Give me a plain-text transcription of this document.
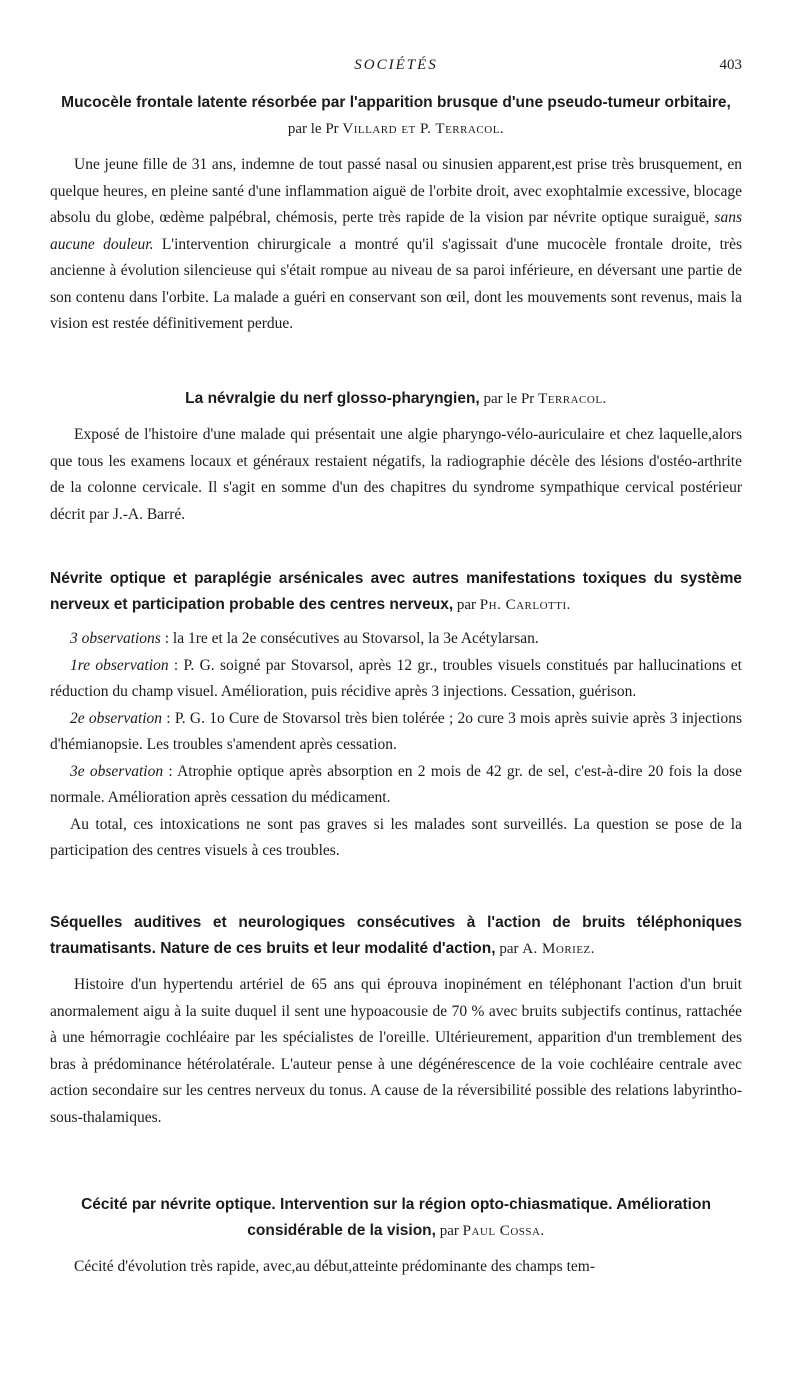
SOCIÉTÉS	403

Mucocèle frontale latente résorbée par l'apparition brusque d'une pseudo-tumeur orbitaire, par le Pr Villard et P. Terracol.

Une jeune fille de 31 ans, indemne de tout passé nasal ou sinusien apparent,est prise très brusquement, en quelque heures, en pleine santé d'une inflammation aiguë de l'orbite droit, avec exophtalmie excessive, blocage absolu du globe, œdème palpébral, chémosis, perte très rapide de la vision par névrite optique suraiguë, sans aucune douleur. L'intervention chirurgicale a montré qu'il s'agissait d'une mucocèle frontale droite, très ancienne à évolution silencieuse qui s'était rompue au niveau de sa paroi inférieure, en déversant une partie de son contenu dans l'orbite. La malade a guéri en conservant son œil, dont les mouvements sont revenus, mais la vision est restée définitivement perdue.

La névralgie du nerf glosso-pharyngien, par le Pr Terracol.

Exposé de l'histoire d'une malade qui présentait une algie pharyngo-vélo-auriculaire et chez laquelle,alors que tous les examens locaux et généraux restaient négatifs, la radiographie décèle des lésions d'ostéo-arthrite de la colonne cervicale. Il s'agit en somme d'un des chapitres du syndrome sympathique cervical postérieur décrit par J.-A. Barré.

Névrite optique et paraplégie arsénicales avec autres manifestations toxiques du système nerveux et participation probable des centres nerveux, par Ph. Carlotti.

3 observations : la 1re et la 2e consécutives au Stovarsol, la 3e Acétylarsan.

1re observation : P. G. soigné par Stovarsol, après 12 gr., troubles visuels constitués par hallucinations et réduction du champ visuel. Amélioration, puis récidive après 3 injections. Cessation, guérison.

2e observation : P. G. 1o Cure de Stovarsol très bien tolérée ; 2o cure 3 mois après suivie après 3 injections d'hémianopsie. Les troubles s'amendent après cessation.

3e observation : Atrophie optique après absorption en 2 mois de 42 gr. de sel, c'est-à-dire 20 fois la dose normale. Amélioration après cessation du médicament.

Au total, ces intoxications ne sont pas graves si les malades sont surveillés. La question se pose de la participation des centres visuels à ces troubles.

Séquelles auditives et neurologiques consécutives à l'action de bruits téléphoniques traumatisants. Nature de ces bruits et leur modalité d'action, par A. Moriez.

Histoire d'un hypertendu artériel de 65 ans qui éprouva inopinément en téléphonant l'action d'un bruit anormalement aigu à la suite duquel il sent une hypoacousie de 70 % avec bruits subjectifs continus, rattachée à une hémorragie cochléaire par les spécialistes de l'oreille. Ultérieurement, apparition d'un tremblement des bras à prédominance hétérolatérale. L'auteur pense à une dégénérescence de la voie cochléaire centrale avec action secondaire sur les centres nerveux du tonus. A cause de la réversibilité possible des relations labyrintho-sous-thalamiques.

Cécité par névrite optique. Intervention sur la région opto-chiasmatique. Amélioration considérable de la vision, par Paul Cossa.

Cécité d'évolution très rapide, avec,au début,atteinte prédominante des champs tem-
